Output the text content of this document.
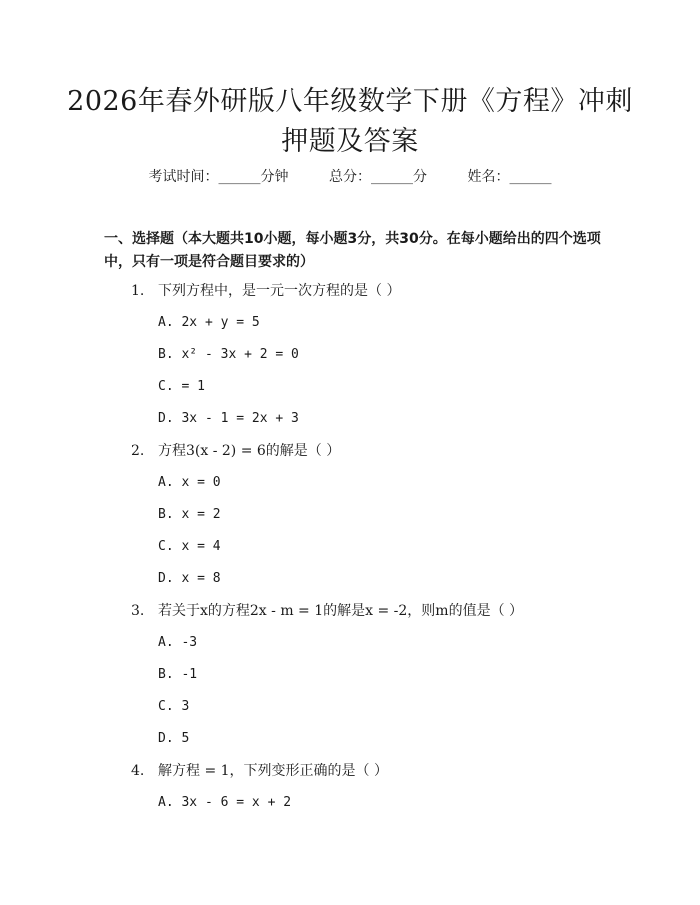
2026年春外研版八年级数学下册《方程》冲刺押题及答案
考试时间：______分钟	总分：______分	姓名：______
一、选择题（本大题共10小题，每小题3分，共30分。在每小题给出的四个选项中，只有一项是符合题目要求的）
1. 下列方程中，是一元一次方程的是（ ）
A. 2x + y = 5
B. x² - 3x + 2 = 0
C. = 1
D. 3x - 1 = 2x + 3
2. 方程3(x - 2) = 6的解是（ ）
A. x = 0
B. x = 2
C. x = 4
D. x = 8
3. 若关于x的方程2x - m = 1的解是x = -2，则m的值是（ ）
A. -3
B. -1
C. 3
D. 5
4. 解方程 = 1，下列变形正确的是（ ）
A. 3x - 6 = x + 2
